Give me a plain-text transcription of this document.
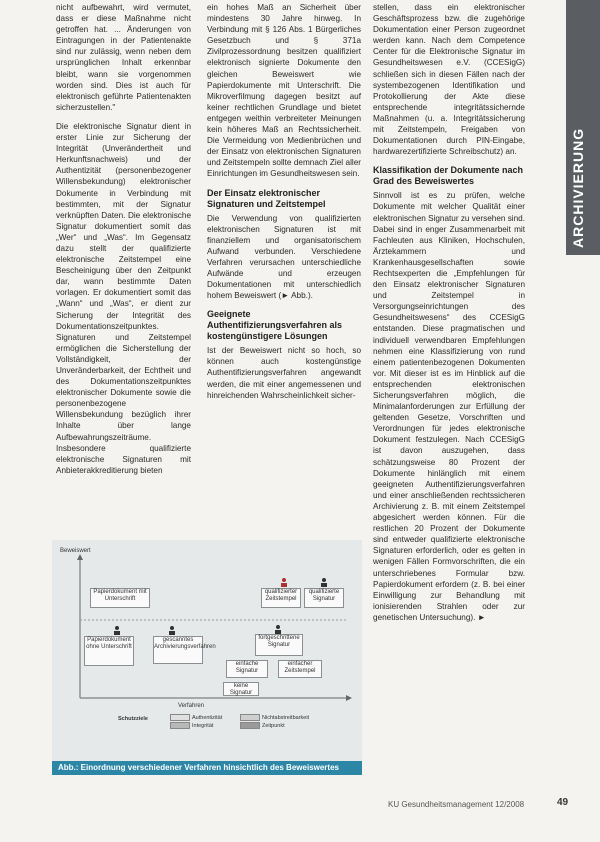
ARCHIVIERUNG

nicht aufbewahrt, wird vermutet, dass er diese Maßnahme nicht getroffen hat. ... Änderungen von Eintragungen in der Patientenakte sind nur zulässig, wenn neben dem ursprünglichen Inhalt erkennbar bleibt, wann sie vorgenommen worden sind. Dies ist auch für elektronisch geführte Patientenakten sicherzustellen."

Die elektronische Signatur dient in erster Linie zur Sicherung der Integrität (Unverändertheit und Herkunftsnachweis) und der Authentizität (personenbezogener Willensbekundung) elektronischer Dokumente in Verbindung mit bestimmten, mit der Signatur verknüpften Daten. Die elektronische Signatur dokumentiert somit das „Wer“ und „Was“. Im Gegensatz dazu stellt der qualifizierte elektronische Zeitstempel eine Bescheinigung über den Zeitpunkt dar, wann bestimmte Daten vorlagen. Er dokumentiert somit das „Wann“ und „Was“, er dient zur Sicherung der Integrität des Dokumentationszeitpunktes. Signaturen und Zeitstempel ermöglichen die Sicherstellung der Vollständigkeit, der Unveränderbarkeit, der Echtheit und des Dokumentationszeitpunktes elektronischer Dokumente sowie die personenbezogene Willensbekundung bezüglich ihrer Inhalte über lange Aufbewahrungszeiträume. Insbesondere qualifizierte elektronische Signaturen mit Anbieterakkreditierung bieten

ein hohes Maß an Sicherheit über mindestens 30 Jahre hinweg. In Verbindung mit § 126 Abs. 1 Bürgerliches Gesetzbuch und § 371a Zivilprozessordnung besitzen qualifiziert elektronisch signierte Dokumente den gleichen Beweiswert wie Papierdokumente mit Unterschrift. Die Mikroverfilmung dagegen besitzt auf keiner rechtlichen Grundlage und bietet entgegen weithin verbreiteter Meinungen kein höheres Maß an Rechtssicherheit. Die Vermeidung von Medienbrüchen und der Einsatz von elektronischen Signaturen und Zeitstempeln sollte demnach Ziel aller Einrichtungen im Gesundheitswesen sein.

Der Einsatz elektronischer Signaturen und Zeitstempel

Die Verwendung von qualifizierten elektronischen Signaturen ist mit finanziellem und organisatorischem Aufwand verbunden. Verschiedene Verfahren verursachen unterschiedliche Aufwände und erzeugen Dokumentationen mit unterschiedlich hohem Beweiswert (► Abb.).

Geeignete Authentifizierungsverfahren als kostengünstigere Lösungen

Ist der Beweiswert nicht so hoch, so können auch kostengünstige Authentifizierungsverfahren angewandt werden, die mit einer angemessenen und hinreichenden Wahrscheinlichkeit sicher-

stellen, dass ein elektronischer Geschäftsprozess bzw. die zugehörige Dokumentation einer Person zugeordnet werden kann. Nach dem Competence Center für die Elektronische Signatur im Gesundheitswesen e.V. (CCESigG) schließen sich in diesen Fällen nach der systembezogenen Identifikation und Protokollierung der Akte diese entsprechende integritätssichernde Maßnahmen (u. a. Integritätssicherung mit Zeitstempeln, Freigaben von Dokumentationen durch PIN-Eingabe, hardwarezertifizierte Schreibschutz) an.

Klassifikation der Dokumente nach Grad des Beweiswertes

Sinnvoll ist es zu prüfen, welche Dokumente mit welcher Qualität einer elektronischen Signatur zu versehen sind. Dabei sind in enger Zusammenarbeit mit Fachleuten aus Kliniken, Hochschulen, Ärztekammern und Krankenhausgesellschaften sowie Rechtsexperten die „Empfehlungen für den Einsatz elektronischer Signaturen und Zeitstempel in Versorgungseinrichtungen des Gesundheitswesens“ des CCESigG entstanden. Diese pragmatischen und individuell verwendbaren Empfehlungen nehmen eine Klassifizierung von rund einem patientenbezogenen Dokumenten vor. Mit dieser ist es im Hinblick auf die entsprechenden elektronischen Sicherungsverfahren möglich, die Minimalanforderungen zur Erfüllung der geltenden Gesetze, Vorschriften und Verordnungen für jedes elektronische Dokument festzulegen. Nach CCESigG ist davon auszugehen, dass schätzungsweise 80 Prozent der Dokumente hinlänglich mit einem geeigneten Authentifizierungsverfahren und einer anschließenden rechtssicheren Archivierung z. B. mit einem Zeitstempel abgesichert werden können. Für die restlichen 20 Prozent der Dokumente sind entweder qualifizierte elektronische Signaturen erforderlich, oder es gelten in wenigen Fällen Formvorschriften, die ein unterschriebenes Formular bzw. Papierdokument erfordern (z. B. bei einer Einwilligung zur Behandlung mit ionisierenden Strahlen oder zur genetischen Untersuchung). ►

Beweiswert
Verfahren
Papierdokument mit Unterschrift
qualifizierter Zeitstempel
qualifizierte Signatur
Papierdokument ohne Unterschrift
gescanntes Archivierungsverfahren
fortgeschrittene Signatur
einfacher Zeitstempel
einfache Signatur
keine Signatur
Schutzziele	Authentizität
Integrität
Nichtabstreitbarkeit
Zeitpunkt
Abb.: Einordnung verschiedener Verfahren hinsichtlich des Beweiswertes
KU Gesundheitsmanagement 12/2008	49
